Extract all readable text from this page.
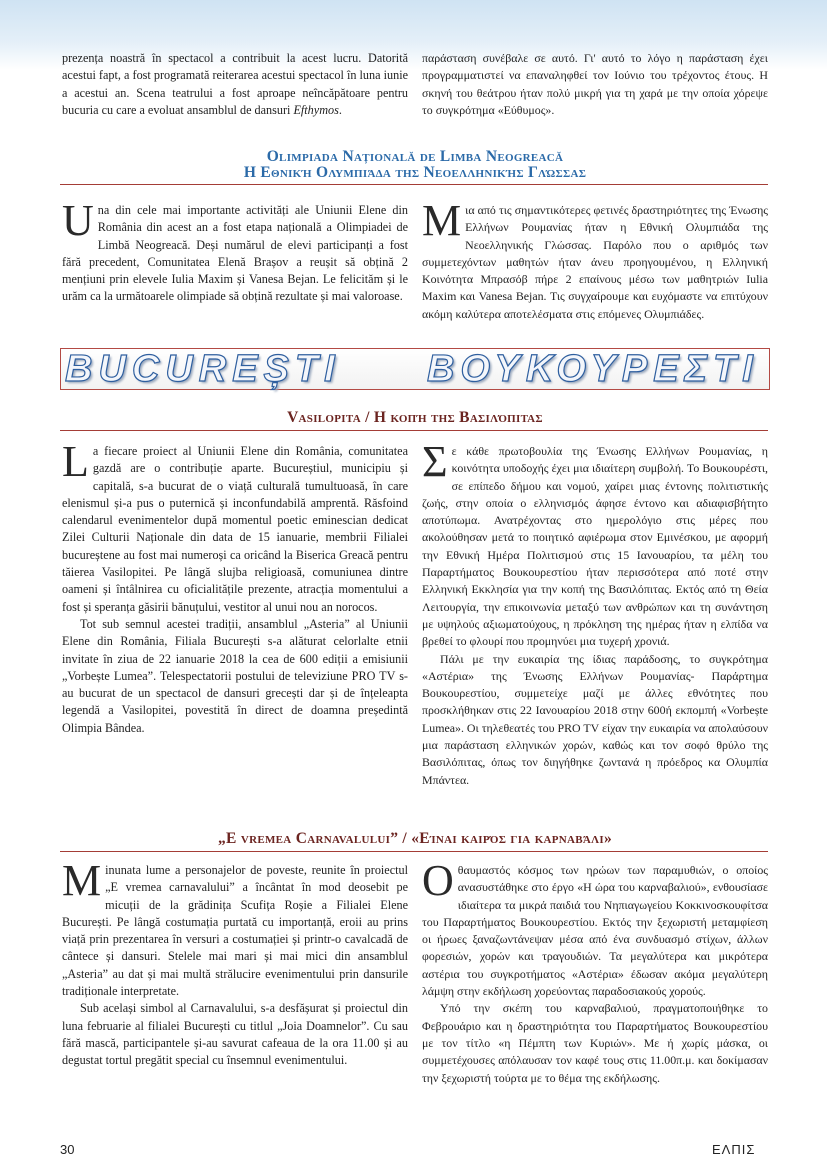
prezența noastră în spectacol a contribuit la acest lucru. Datorită acestui fapt, a fost programată reiterarea acestui spectacol în luna iunie a acestui an. Scena teatrului a fost aproape neîncăpătoare pentru bucuria cu care a evoluat ansamblul de dansuri Efthymos.

παράσταση συνέβαλε σε αυτό. Γι' αυτό το λόγο η παράσταση έχει προγραμματιστεί να επαναληφθεί τον Ιούνιο του τρέχοντος έτους. Η σκηνή του θεάτρου ήταν πολύ μικρή για τη χαρά με την οποία χόρεψε το συγκρότημα «Εύθυμος».

Olimpiada Națională de Limba Neogreacă
Η Εθνική Ολυμπιάδα της Νεοελληνικής Γλώσσας

Una din cele mai importante activități ale Uniunii Elene din România din acest an a fost etapa națională a Olimpiadei de Limbă Neogreacă. Deși numărul de elevi participanți a fost fără precedent, Comunitatea Elenă Brașov a reușit să obțină 2 mențiuni prin elevele Iulia Maxim și Vanesa Bejan. Le felicităm și le urăm ca la următoarele olimpiade să obțină rezultate și mai valoroase.

Μια από τις σημαντικότερες φετινές δραστηριότητες της Ένωσης Ελλήνων Ρουμανίας ήταν η Εθνική Ολυμπιάδα της Νεοελληνικής Γλώσσας. Παρόλο που ο αριθμός των συμμετεχόντων μαθητών ήταν άνευ προηγουμένου, η Ελληνική Κοινότητα Μπρασόβ πήρε 2 επαίνους μέσω των μαθητριών Iulia Maxim και Vanesa Bejan. Τις συγχαίρουμε και ευχόμαστε να επιτύχουν ακόμη καλύτερα αποτελέσματα στις επόμενες Ολυμπιάδες.

BUCUREȘTI ΒΟΥΚΟΥΡΕΣΤΙ
Vasilopita / Η κοπή της Βασιλόπιτας

La fiecare proiect al Uniunii Elene din România, comunitatea gazdă are o contribuție aparte. Bucureștiul, municipiu și capitală, s-a bucurat de o viață culturală tumultuoasă, în care elenismul și-a pus o puternică și inconfundabilă amprentă. Răsfoind calendarul evenimentelor după momentul poetic eminescian dedicat Zilei Culturii Naționale din data de 15 ianuarie, membrii Filialei bucureștene au fost mai numeroși ca oricând la Biserica Greacă pentru tăierea Vasilopitei. Pe lângă slujba religioasă, comuniunea dintre oameni și întâlnirea cu oficialitățile prezente, atracția momentului a fost și speranța găsirii bănuțului, vestitor al unui nou an norocos.

Tot sub semnul acestei tradiții, ansamblul „Asteria” al Uniunii Elene din România, Filiala București s-a alăturat celorlalte etnii invitate în ziua de 22 ianuarie 2018 la cea de 600 ediții a emisiunii „Vorbește Lumea”. Telespectatorii postului de televiziune PRO TV s-au bucurat de un spectacol de dansuri grecești dar și de înțeleapta legendă a Vasilopitei, povestită în direct de doamna președintă Olimpia Bândea.

Σε κάθε πρωτοβουλία της Ένωσης Ελλήνων Ρουμανίας, η κοινότητα υποδοχής έχει μια ιδιαίτερη συμβολή. Το Βουκουρέστι, σε επίπεδο δήμου και νομού, χαίρει μιας έντονης πολιτιστικής ζωής, στην οποία ο ελληνισμός άφησε έντονο και αδιαφισβήτητο αποτύπωμα. Ανατρέχοντας στο ημερολόγιο στις μέρες που ακολούθησαν μετά το ποιητικό αφιέρωμα στον Εμινέσκου, με αφορμή την Εθνική Ημέρα Πολιτισμού στις 15 Ιανουαρίου, τα μέλη του Παραρτήματος Βουκουρεστίου ήταν περισσότερα από ποτέ στην Ελληνική Εκκλησία για την κοπή της Βασιλόπιτας. Εκτός από τη Θεία Λειτουργία, την επικοινωνία μεταξύ των ανθρώπων και τη συνάντηση με υψηλούς αξιωματούχους, η πρόκληση της ημέρας ήταν η ελπίδα να βρεθεί το φλουρί που προμηνύει μια τυχερή χρονιά.

Πάλι με την ευκαιρία της ίδιας παράδοσης, το συγκρότημα «Αστέρια» της Ένωσης Ελλήνων Ρουμανίας- Παράρτημα Βουκουρεστίου, συμμετείχε μαζί με άλλες εθνότητες που προσκλήθηκαν στις 22 Ιανουαρίου 2018 στην 600ή εκπομπή «Vorbește Lumea». Οι τηλεθεατές του PRO TV είχαν την ευκαιρία να απολαύσουν μια παράσταση ελληνικών χορών, καθώς και τον σοφό θρύλο της Βασιλόπιτας, όπως τον διηγήθηκε ζωντανά η πρόεδρος κα Ολυμπία Μπάντεα.

„E vremea Carnavalului” / «Είναι καιρός για καρναβάλι»

Minunata lume a personajelor de poveste, reunite în proiectul „E vremea carnavalului” a încântat în mod deosebit pe micuții de la grădinița Scufița Roșie a Filialei Elene București. Pe lângă costumația purtată cu importanță, eroii au prins viață prin prezentarea în versuri a costumației și printr-o cavalcadă de cântece și dansuri. Stelele mai mari și mai mici din ansamblul „Asteria” au dat și mai multă strălucire evenimentului prin dansurile tradiționale interpretate.

Sub același simbol al Carnavalului, s-a desfășurat și proiectul din luna februarie al filialei București cu titlul „Joia Doamnelor”. Cu sau fără mască, participantele și-au savurat cafeaua de la ora 11.00 și au degustat tortul pregătit special cu însemnul evenimentului.

Οθαυμαστός κόσμος των ηρώων των παραμυθιών, ο οποίος ανασυστάθηκε στο έργο «Η ώρα του καρναβαλιού», ενθουσίασε ιδιαίτερα τα μικρά παιδιά του Νηπιαγωγείου Κοκκινοσκουφίτσα του Παραρτήματος Βουκουρεστίου. Εκτός την ξεχωριστή μεταμφίεση οι ήρωες ξαναζωντάνεψαν μέσα από ένα συνδυασμό στίχων, άλλων φορεσιών, χορών και τραγουδιών. Τα μεγαλύτερα και μικρότερα αστέρια του συγκροτήματος «Αστέρια» έδωσαν ακόμα μεγαλύτερη λάμψη στην εκδήλωση χορεύοντας παραδοσιακούς χορούς.

Υπό την σκέπη του καρναβαλιού, πραγματοποιήθηκε το Φεβρουάριο και η δραστηριότητα του Παραρτήματος Βουκουρεστίου με τον τίτλο «η Πέμπτη των Κυριών». Με ή χωρίς μάσκα, οι συμμετέχουσες απόλαυσαν τον καφέ τους στις 11.00π.μ. και δοκίμασαν την ξεχωριστή τούρτα με το θέμα της εκδήλωσης.

30	ΕΛΠΙΣ
